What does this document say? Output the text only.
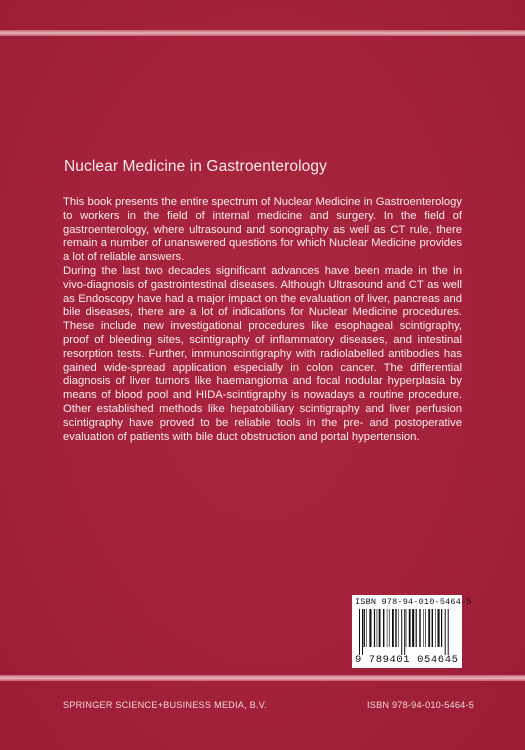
Nuclear Medicine in Gastroenterology

This book presents the entire spectrum of Nuclear Medicine in Gastroenterology to workers in the field of internal medicine and surgery. In the field of gastroenterology, where ultrasound and sonography as well as CT rule, there remain a number of unanswered questions for which Nuclear Medicine provides a lot of reliable answers.

During the last two decades significant advances have been made in the in vivo-diagnosis of gastrointestinal diseases. Although Ultrasound and CT as well as Endoscopy have had a major impact on the evaluation of liver, pancreas and bile diseases, there are a lot of indications for Nuclear Medicine procedures. These include new investigational procedures like esophageal scintigraphy, proof of bleeding sites, scintigraphy of inflammatory diseases, and intestinal resorption tests. Further, immunoscintigraphy with radiolabelled antibodies has gained wide-spread application especially in colon cancer. The differential diagnosis of liver tumors like haemangioma and focal nodular hyperplasia by means of blood pool and HIDA-scintigraphy is nowadays a routine procedure. Other established methods like hepatobiliary scintigraphy and liver perfusion scintigraphy have proved to be reliable tools in the pre- and postoperative evaluation of patients with bile duct obstruction and portal hypertension.

ISBN 978-94-010-5464-5
9 789401 054645
SPRINGER SCIENCE+BUSINESS MEDIA, B.V.	ISBN 978-94-010-5464-5
